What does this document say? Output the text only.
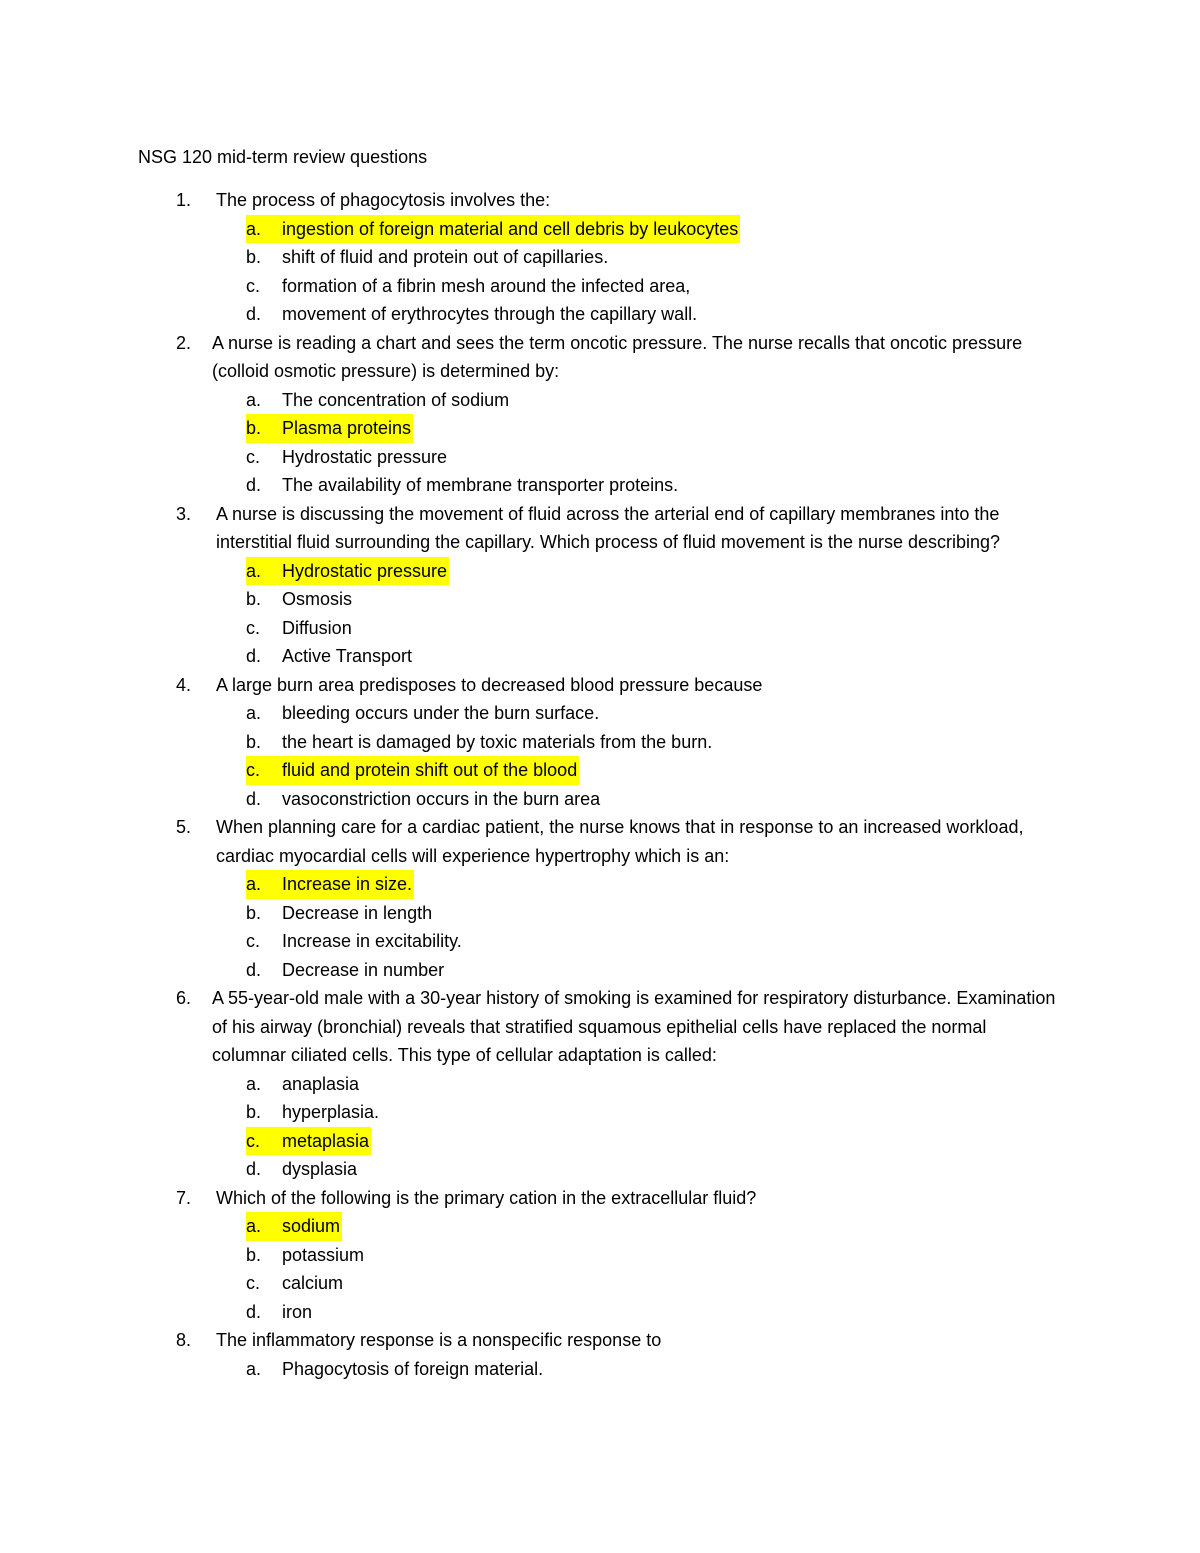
NSG 120 mid-term review questions
1. The process of phagocytosis involves the:
a. ingestion of foreign material and cell debris by leukocytes
b. shift of fluid and protein out of capillaries.
c. formation of a fibrin mesh around the infected area,
d. movement of erythrocytes through the capillary wall.
2. A nurse is reading a chart and sees the term oncotic pressure. The nurse recalls that oncotic pressure (colloid osmotic pressure) is determined by:
a. The concentration of sodium
b. Plasma proteins
c. Hydrostatic pressure
d. The availability of membrane transporter proteins.
3. A nurse is discussing the movement of fluid across the arterial end of capillary membranes into the interstitial fluid surrounding the capillary. Which process of fluid movement is the nurse describing?
a. Hydrostatic pressure
b. Osmosis
c. Diffusion
d. Active Transport
4. A large burn area predisposes to decreased blood pressure because
a. bleeding occurs under the burn surface.
b. the heart is damaged by toxic materials from the burn.
c. fluid and protein shift out of the blood
d. vasoconstriction occurs in the burn area
5. When planning care for a cardiac patient, the nurse knows that in response to an increased workload, cardiac myocardial cells will experience hypertrophy which is an:
a. Increase in size.
b. Decrease in length
c. Increase in excitability.
d. Decrease in number
6. A 55-year-old male with a 30-year history of smoking is examined for respiratory disturbance. Examination of his airway (bronchial) reveals that stratified squamous epithelial cells have replaced the normal columnar ciliated cells. This type of cellular adaptation is called:
a. anaplasia
b. hyperplasia.
c. metaplasia
d. dysplasia
7. Which of the following is the primary cation in the extracellular fluid?
a. sodium
b. potassium
c. calcium
d. iron
8. The inflammatory response is a nonspecific response to
a. Phagocytosis of foreign material.
